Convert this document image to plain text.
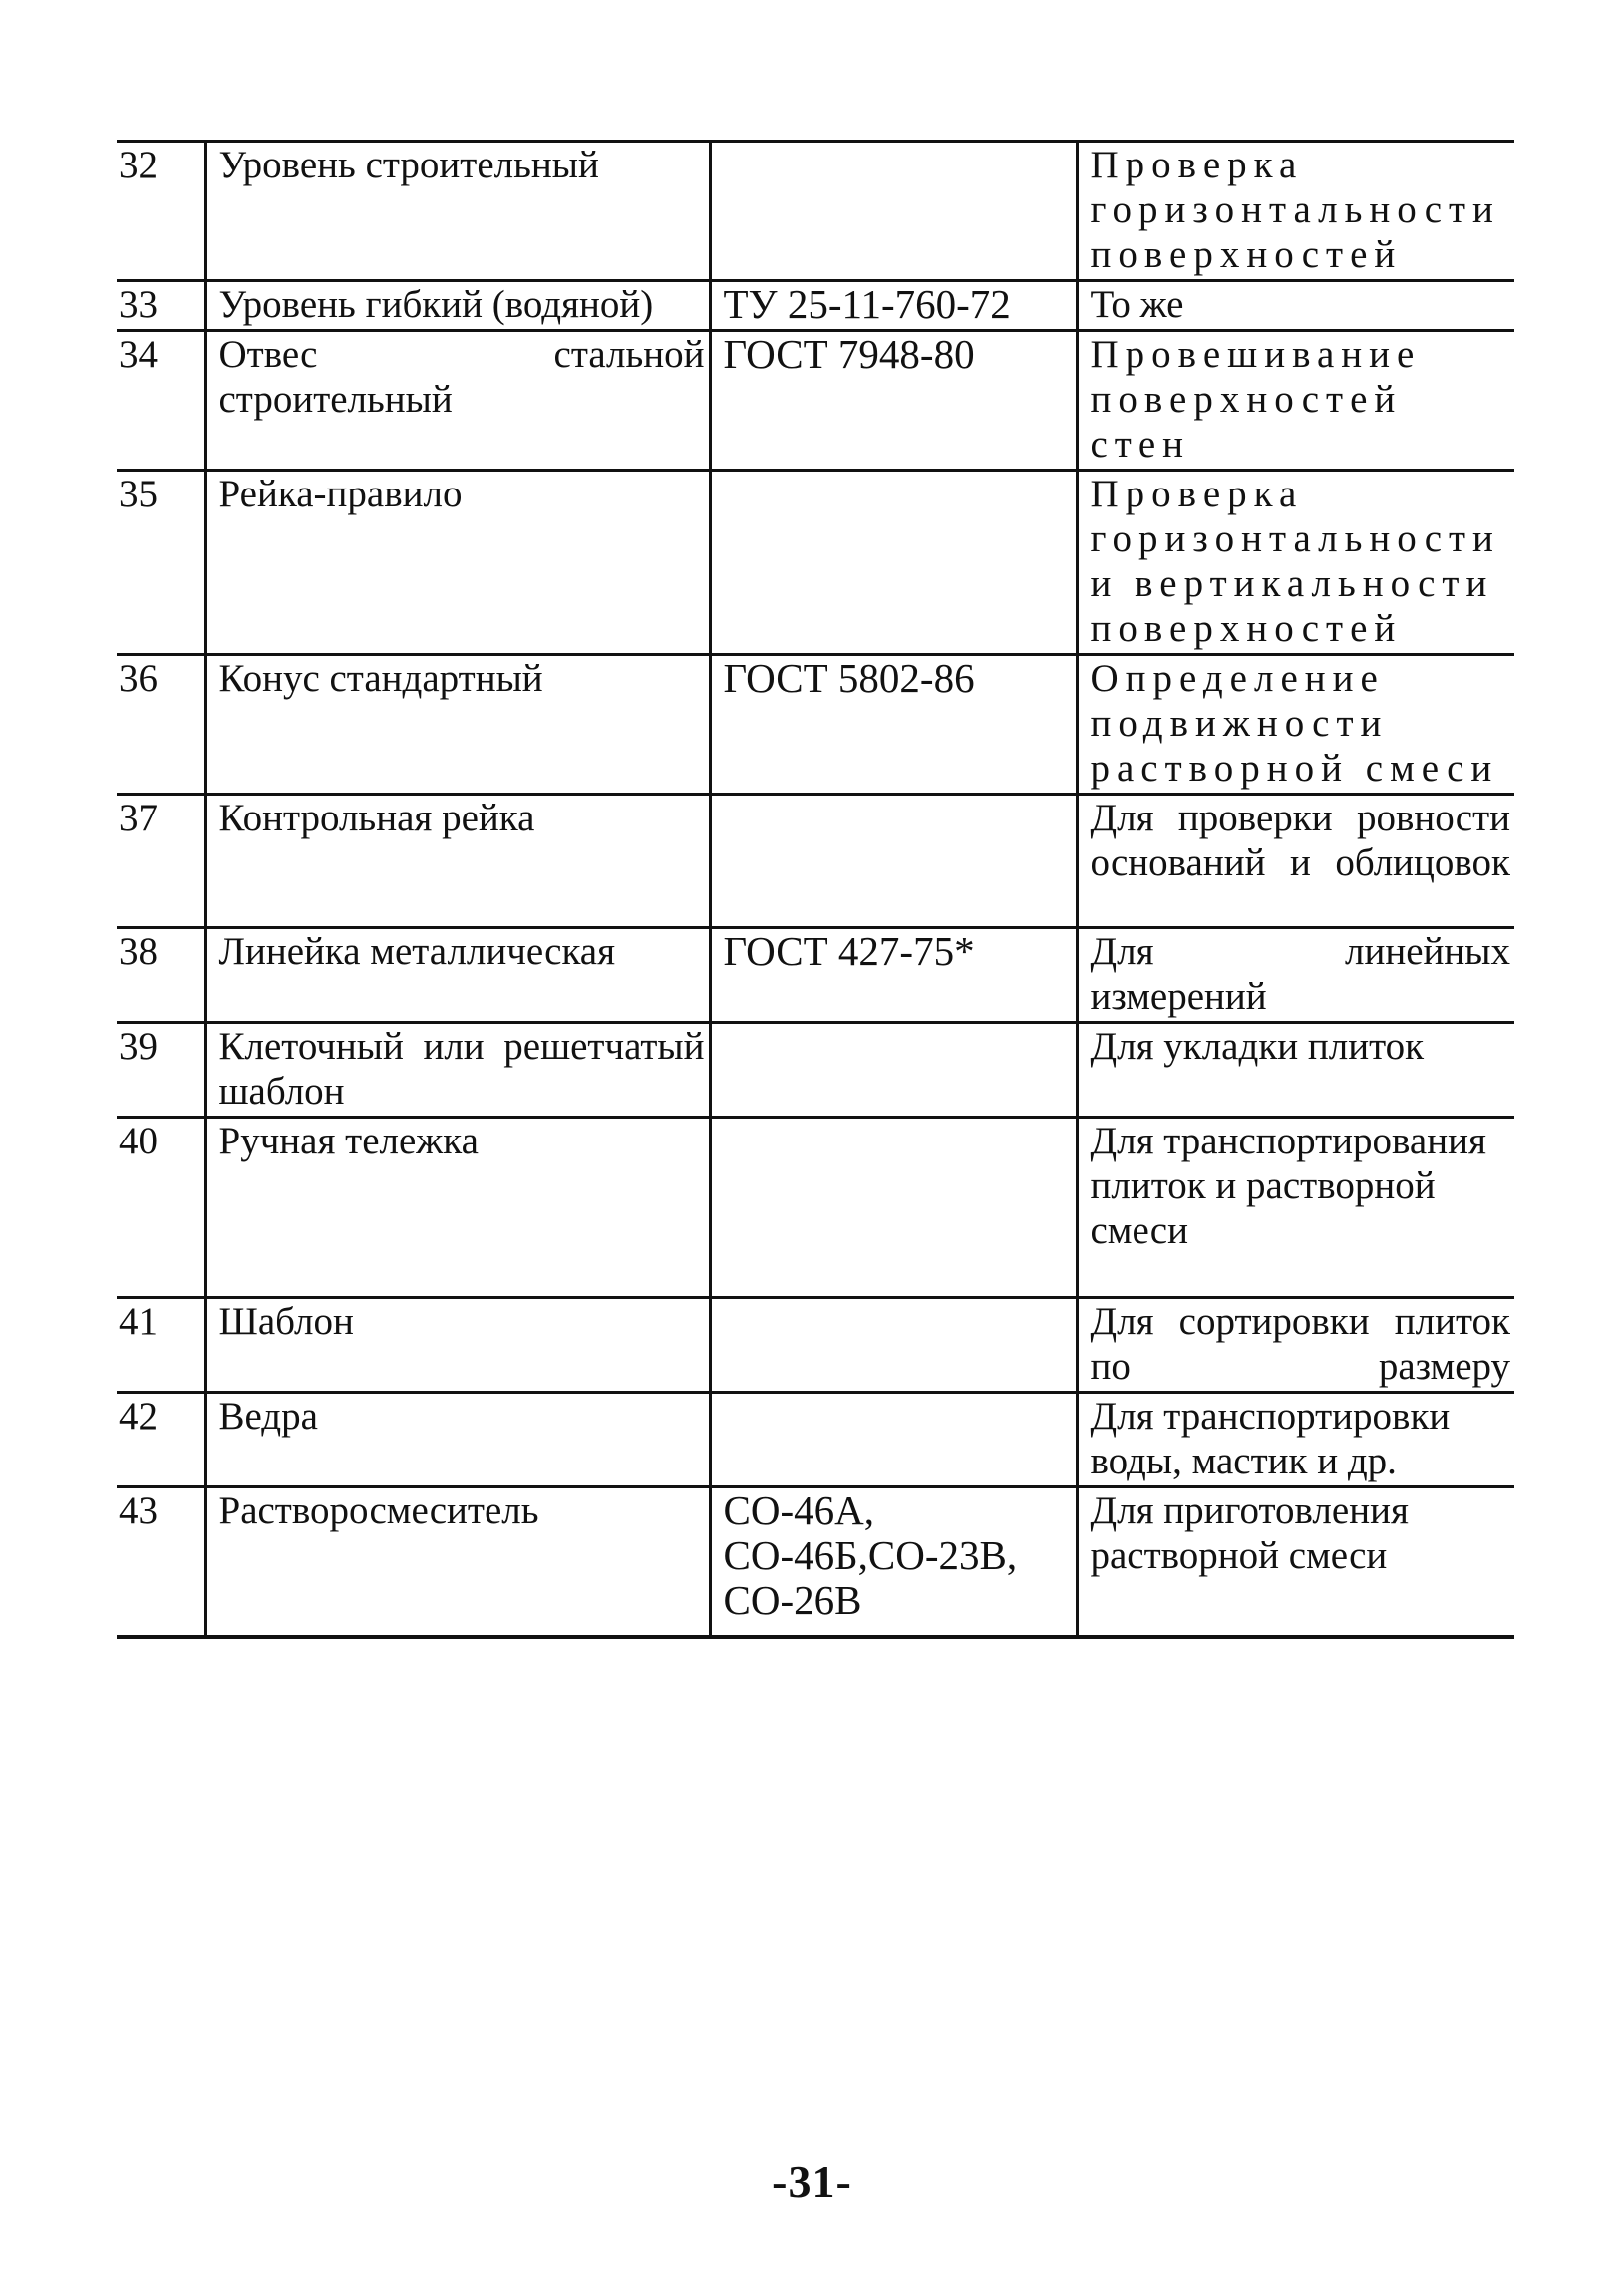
32	Уровень строительный		Проверка горизонтальности поверхностей
33	Уровень гибкий (водяной)	ТУ 25-11-760-72	То же
34	Отвес стальной строительный	ГОСТ 7948-80	Провешивание поверхностей стен
35	Рейка-правило		Проверка горизонтальности и вертикальности поверхностей
36	Конус стандартный	ГОСТ 5802-86	Определение подвижности растворной смеси
37	Контрольная рейка		Для проверки ровности оснований и облицовок
38	Линейка металлическая	ГОСТ 427-75*	Для линейных измерений
39	Клеточный или решетчатый шаблон		Для укладки плиток
40	Ручная тележка		Для транспортирования плиток и растворной смеси
41	Шаблон		Для сортировки плиток по размеру
42	Ведра		Для транспортировки воды, мастик и др.
43	Растворосмеситель	СО-46А, СО-46Б,СО-23В, СО-26В	Для приготовления растворной смеси
-31-
